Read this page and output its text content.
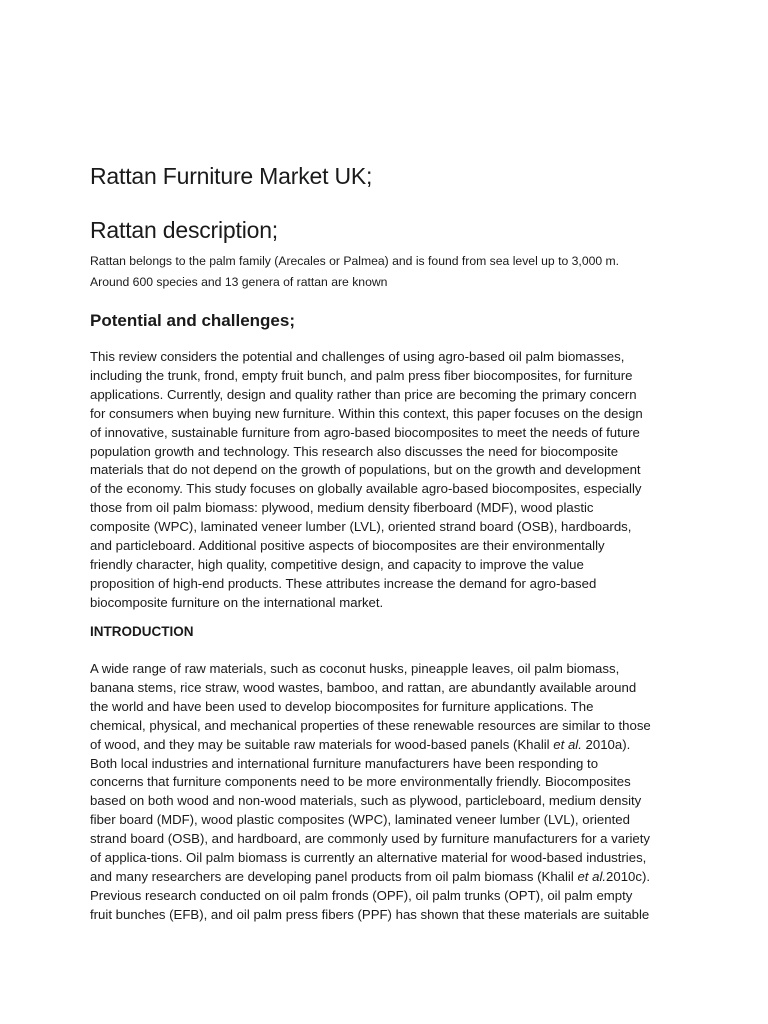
Rattan Furniture Market UK;
Rattan description;

Rattan belongs to the palm family (Arecales or Palmea) and is found from sea level up to 3,000 m.
Around 600 species and 13 genera of rattan are known

Potential and challenges;

This review considers the potential and challenges of using agro-based oil palm biomasses,
including the trunk, frond, empty fruit bunch, and palm press fiber biocomposites, for furniture
applications. Currently, design and quality rather than price are becoming the primary concern
for consumers when buying new furniture. Within this context, this paper focuses on the design
of innovative, sustainable furniture from agro-based biocomposites to meet the needs of future
population growth and technology. This research also discusses the need for biocomposite
materials that do not depend on the growth of populations, but on the growth and development
of the economy. This study focuses on globally available agro-based biocomposites, especially
those from oil palm biomass: plywood, medium density fiberboard (MDF), wood plastic
composite (WPC), laminated veneer lumber (LVL), oriented strand board (OSB), hardboards,
and particleboard. Additional positive aspects of biocomposites are their environmentally
friendly character, high quality, competitive design, and capacity to improve the value
proposition of high-end products. These attributes increase the demand for agro-based
biocomposite furniture on the international market.

INTRODUCTION

A wide range of raw materials, such as coconut husks, pineapple leaves, oil palm biomass,
banana stems, rice straw, wood wastes, bamboo, and rattan, are abundantly available around
the world and have been used to develop biocomposites for furniture applications. The
chemical, physical, and mechanical properties of these renewable resources are similar to those
of wood, and they may be suitable raw materials for wood-based panels (Khalil et al. 2010a).
Both local industries and international furniture manufacturers have been responding to
concerns that furniture components need to be more environmentally friendly. Biocomposites
based on both wood and non-wood materials, such as plywood, particleboard, medium density
fiber board (MDF), wood plastic composites (WPC), laminated veneer lumber (LVL), oriented
strand board (OSB), and hardboard, are commonly used by furniture manufacturers for a variety
of applica-tions. Oil palm biomass is currently an alternative material for wood-based industries,
and many researchers are developing panel products from oil palm biomass (Khalil et al.2010c).
Previous research conducted on oil palm fronds (OPF), oil palm trunks (OPT), oil palm empty
fruit bunches (EFB), and oil palm press fibers (PPF) has shown that these materials are suitable
